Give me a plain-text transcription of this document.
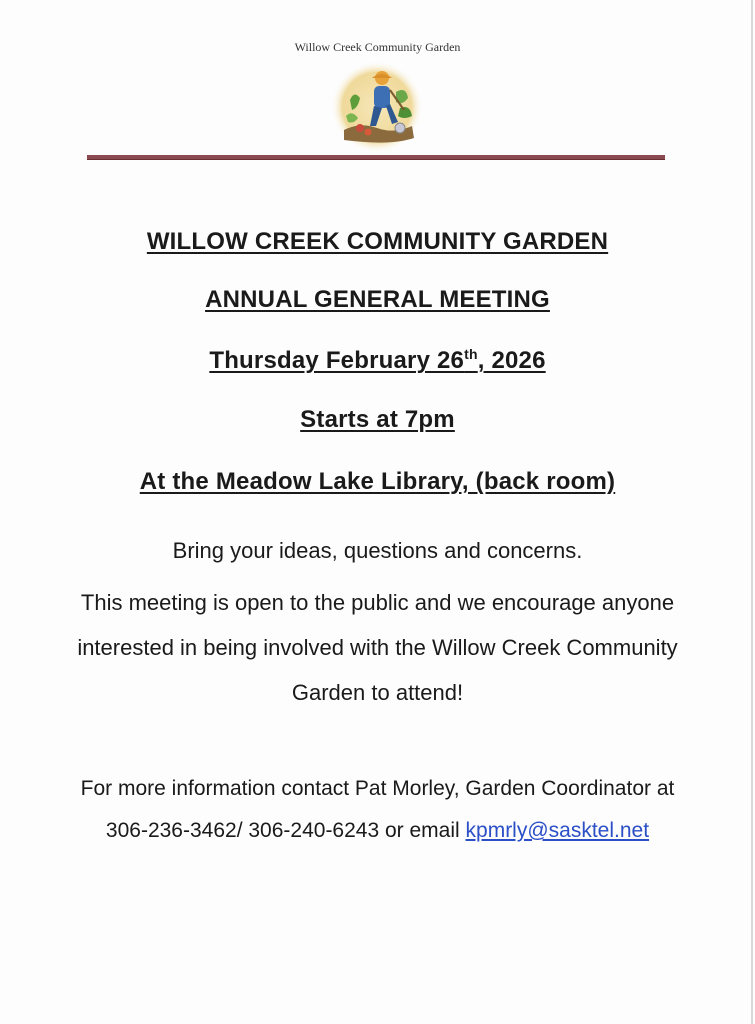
Willow Creek Community Garden
WILLOW CREEK COMMUNITY GARDEN
ANNUAL GENERAL MEETING
Thursday February 26th, 2026
Starts at 7pm
At the Meadow Lake Library, (back room)
Bring your ideas, questions and concerns.
This meeting is open to the public and we encourage anyone interested in being involved with the Willow Creek Community Garden to attend!
For more information contact Pat Morley, Garden Coordinator at 306-236-3462/ 306-240-6243 or email kpmrly@sasktel.net
